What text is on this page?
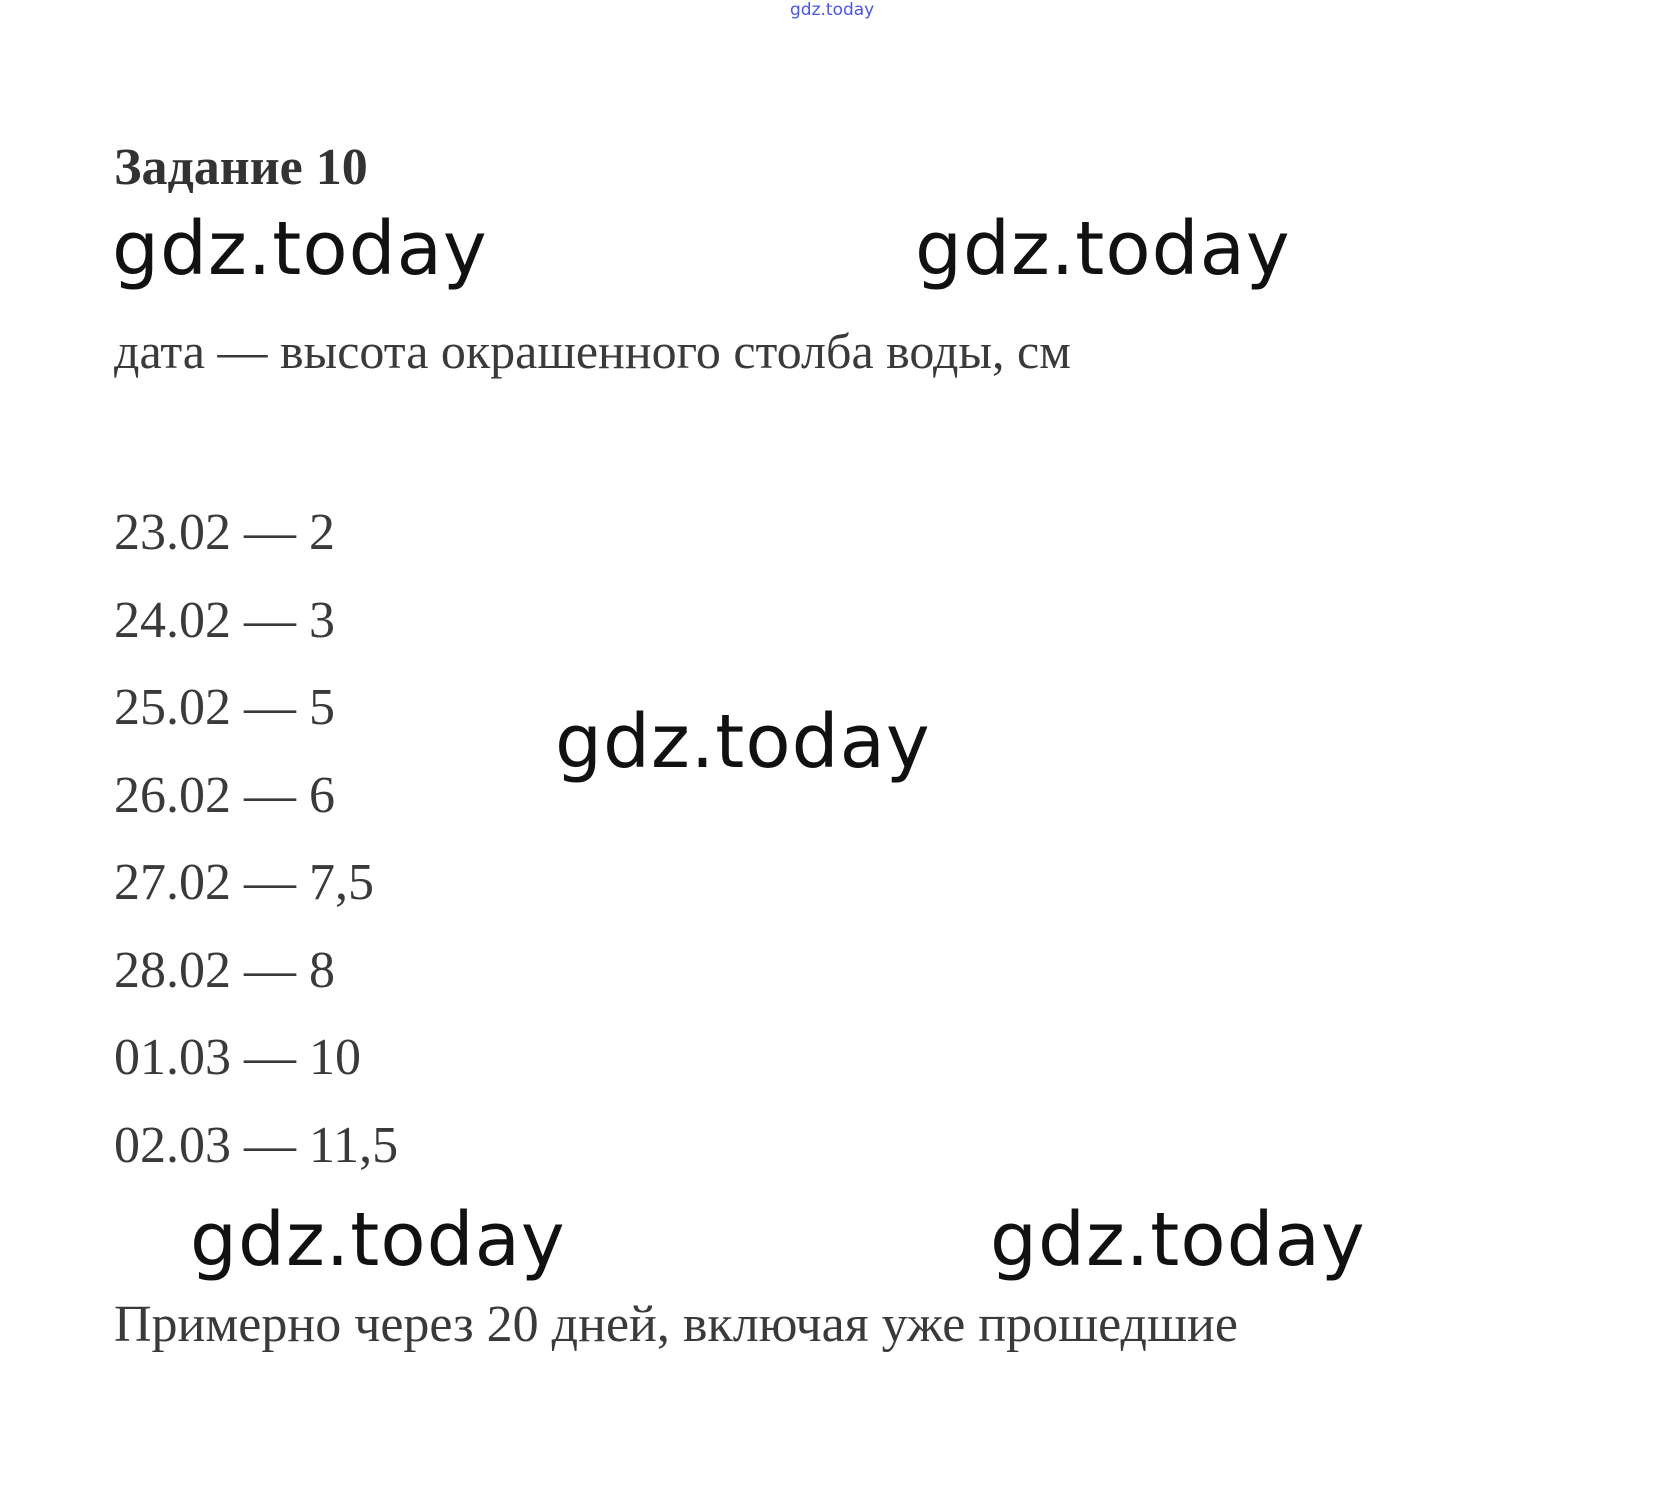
gdz.today
Задание 10
gdz.today	gdz.today
дата — высота окрашенного столба воды, см
23.02 — 2
24.02 — 3
25.02 — 5
26.02 — 6
27.02 — 7,5
28.02 — 8
01.03 — 10
02.03 — 11,5
gdz.today
gdz.today	gdz.today
Примерно через 20 дней, включая уже прошедшие
